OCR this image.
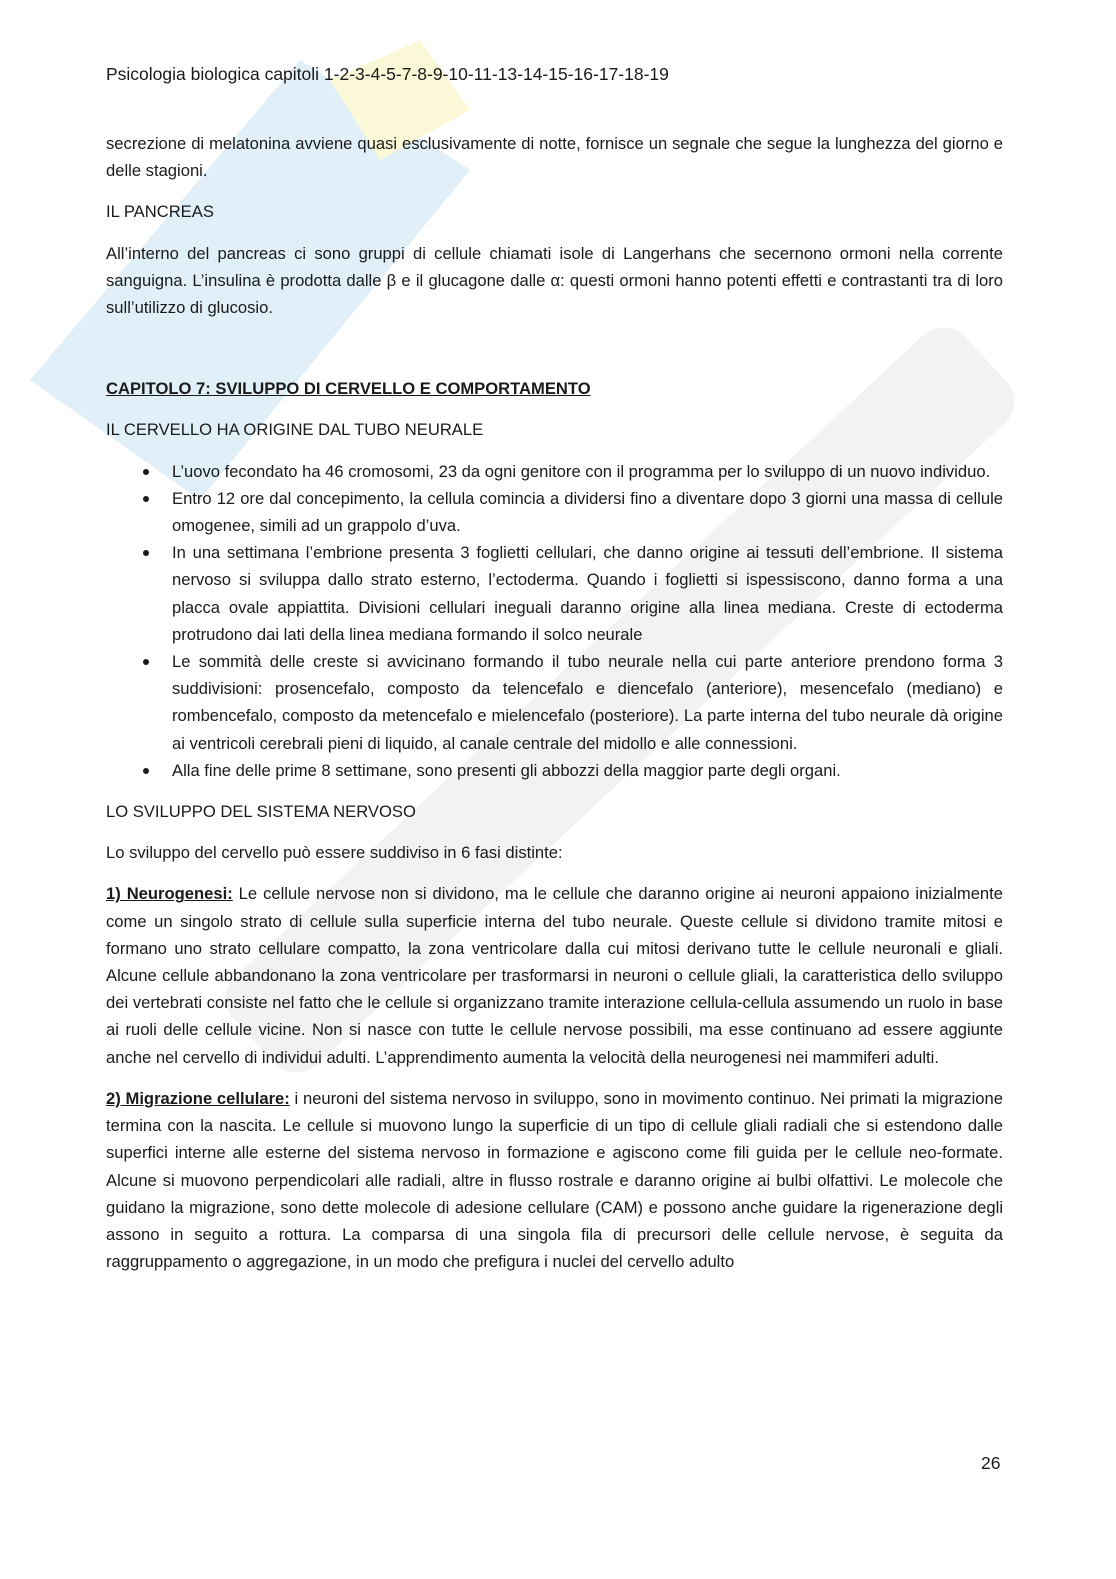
Psicologia biologica capitoli 1-2-3-4-5-7-8-9-10-11-13-14-15-16-17-18-19

secrezione di melatonina avviene quasi esclusivamente di notte, fornisce un segnale che segue la lunghezza del giorno e delle stagioni.

IL PANCREAS

All’interno del pancreas ci sono gruppi di cellule chiamati isole di Langerhans che secernono ormoni nella corrente sanguigna. L’insulina è prodotta dalle β e il glucagone dalle α: questi ormoni hanno potenti effetti e contrastanti tra di loro sull’utilizzo di glucosio.

CAPITOLO 7: SVILUPPO DI CERVELLO E COMPORTAMENTO
IL CERVELLO HA ORIGINE DAL TUBO NEURALE
L’uovo fecondato ha 46 cromosomi, 23 da ogni genitore con il programma per lo sviluppo di un nuovo individuo.
Entro 12 ore dal concepimento, la cellula comincia a dividersi fino a diventare dopo 3 giorni una massa di cellule omogenee, simili ad un grappolo d’uva.
In una settimana l’embrione presenta 3 foglietti cellulari, che danno origine ai tessuti dell’embrione. Il sistema nervoso si sviluppa dallo strato esterno, l’ectoderma. Quando i foglietti si ispessiscono, danno forma a una placca ovale appiattita. Divisioni cellulari ineguali daranno origine alla linea mediana. Creste di ectoderma protrudono dai lati della linea mediana formando il solco neurale
Le sommità delle creste si avvicinano formando il tubo neurale nella cui parte anteriore prendono forma 3 suddivisioni: prosencefalo, composto da telencefalo e diencefalo (anteriore), mesencefalo (mediano) e rombencefalo, composto da metencefalo e mielencefalo (posteriore). La parte interna del tubo neurale dà origine ai ventricoli cerebrali pieni di liquido, al canale centrale del midollo e alle connessioni.
Alla fine delle prime 8 settimane, sono presenti gli abbozzi della maggior parte degli organi.
LO SVILUPPO DEL SISTEMA NERVOSO

Lo sviluppo del cervello può essere suddiviso in 6 fasi distinte:

1) Neurogenesi: Le cellule nervose non si dividono, ma le cellule che daranno origine ai neuroni appaiono inizialmente come un singolo strato di cellule sulla superficie interna del tubo neurale. Queste cellule si dividono tramite mitosi e formano uno strato cellulare compatto, la zona ventricolare dalla cui mitosi derivano tutte le cellule neuronali e gliali. Alcune cellule abbandonano la zona ventricolare per trasformarsi in neuroni o cellule gliali, la caratteristica dello sviluppo dei vertebrati consiste nel fatto che le cellule si organizzano tramite interazione cellula-cellula assumendo un ruolo in base ai ruoli delle cellule vicine. Non si nasce con tutte le cellule nervose possibili, ma esse continuano ad essere aggiunte anche nel cervello di individui adulti. L’apprendimento aumenta la velocità della neurogenesi nei mammiferi adulti.

2) Migrazione cellulare: i neuroni del sistema nervoso in sviluppo, sono in movimento continuo. Nei primati la migrazione termina con la nascita. Le cellule si muovono lungo la superficie di un tipo di cellule gliali radiali che si estendono dalle superfici interne alle esterne del sistema nervoso in formazione e agiscono come fili guida per le cellule neo-formate. Alcune si muovono perpendicolari alle radiali, altre in flusso rostrale e daranno origine ai bulbi olfattivi. Le molecole che guidano la migrazione, sono dette molecole di adesione cellulare (CAM) e possono anche guidare la rigenerazione degli assono in seguito a rottura. La comparsa di una singola fila di precursori delle cellule nervose, è seguita da raggruppamento o aggregazione, in un modo che prefigura i nuclei del cervello adulto

26
